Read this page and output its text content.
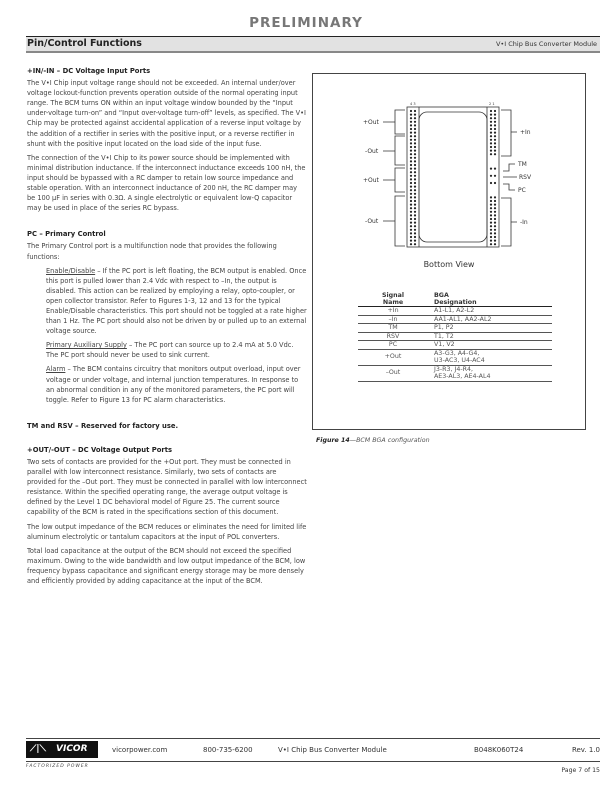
PRELIMINARY
Pin/Control Functions	V•I Chip Bus Converter Module
+IN/-IN – DC Voltage Input Ports

The V•I Chip input voltage range should not be exceeded. An internal under/over voltage lockout-function prevents operation outside of the normal operating input range. The BCM turns ON within an input voltage window bounded by the “Input under-voltage turn-on” and “Input over-voltage turn-off” levels, as specified. The V•I Chip may be protected against accidental application of a reverse input voltage by the addition of a rectifier in series with the positive input, or a reverse rectifier in shunt with the positive input located on the load side of the input fuse.

The connection of the V•I Chip to its power source should be implemented with minimal distribution inductance. If the interconnect inductance exceeds 100 nH, the input should be bypassed with a RC damper to retain low source impedance and stable operation. With an interconnect inductance of 200 nH, the RC damper may be 100 µF in series with 0.3Ω. A single electrolytic or equivalent low-Q capacitor may be used in place of the series RC bypass.

PC – Primary Control

The Primary Control port is a multifunction node that provides the following functions:

Enable/Disable – If the PC port is left floating, the BCM output is enabled. Once this port is pulled lower than 2.4 Vdc with respect to –In, the output is disabled. This action can be realized by employing a relay, opto-coupler, or open collector transistor. Refer to Figures 1-3, 12 and 13 for the typical Enable/Disable characteristics. This port should not be toggled at a rate higher than 1 Hz. The PC port should also not be driven by or pulled up to an external voltage source.

Primary Auxiliary Supply – The PC port can source up to 2.4 mA at 5.0 Vdc. The PC port should never be used to sink current.

Alarm – The BCM contains circuitry that monitors output overload, input over voltage or under voltage, and internal junction temperatures. In response to an abnormal condition in any of the monitored parameters, the PC port will toggle. Refer to Figure 13 for PC alarm characteristics.

TM and RSV – Reserved for factory use.
+OUT/-OUT – DC Voltage Output Ports

Two sets of contacts are provided for the +Out port. They must be connected in parallel with low interconnect resistance. Similarly, two sets of contacts are provided for the –Out port. They must be connected in parallel with low interconnect resistance. Within the specified operating range, the average output voltage is defined by the Level 1 DC behavioral model of Figure 25. The current source capability of the BCM is rated in the specifications section of this document.

The low output impedance of the BCM reduces or eliminates the need for limited life aluminum electrolytic or tantalum capacitors at the input of POL converters.

Total load capacitance at the output of the BCM should not exceed the specified maximum. Owing to the wide bandwidth and low output impedance of the BCM, low frequency bypass capacitance and significant energy storage may be more densely and efficiently provided by adding capacitance at the input of the BCM.

+Out
-Out
+Out
-Out
+In
TM
RSV
PC
-In
4 3	2 1
Bottom View
Signal
Name	BGA
Designation
+In	A1-L1, A2-L2
–In	AA1-AL1, AA2-AL2
TM	P1, P2
RSV	T1, T2
PC	V1, V2
+Out	A3-G3, A4-G4,
U3-AC3, U4-AC4
–Out	J3-R3, J4-R4,
AE3-AL3, AE4-AL4
Figure 14—BCM BGA configuration
⟋|⟍ VICOR	vicorpower.com	800-735-6200	V•I Chip Bus Converter Module	B048K060T24	Rev. 1.0
FACTORIZED POWER
Page 7 of 15
